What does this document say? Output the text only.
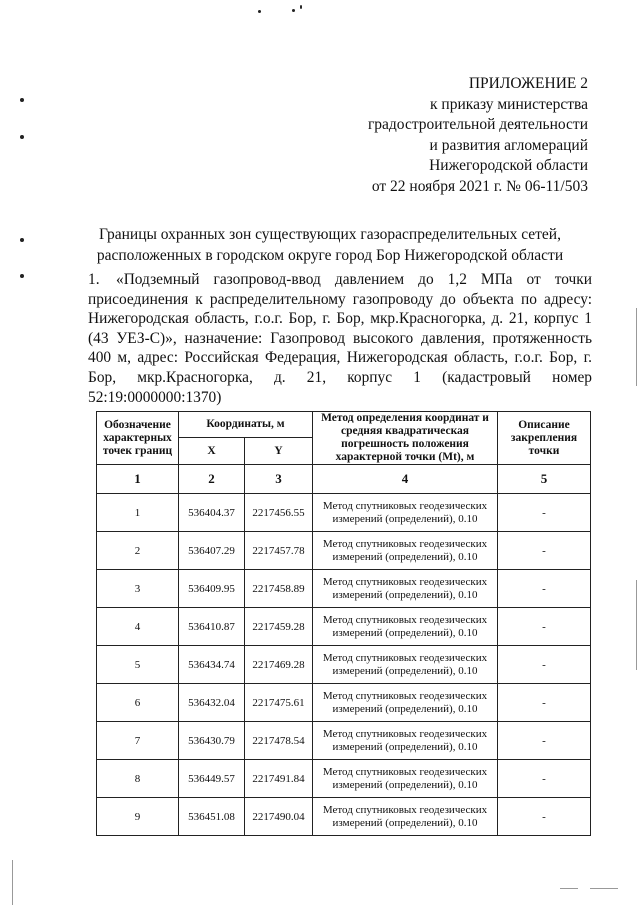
ПРИЛОЖЕНИЕ 2
к приказу министерства
градостроительной деятельности
и развития агломераций
Нижегородской области
от 22 ноября 2021 г. № 06-11/503
Границы охранных зон существующих газораспределительных сетей,
расположенных в городском округе город Бор Нижегородской области
1. «Подземный газопровод-ввод давлением до 1,2 МПа от точки присоединения к распределительному газопроводу до объекта по адресу: Нижегородская область, г.о.г. Бор, г. Бор, мкр.Красногорка, д. 21, корпус 1 (43 УЕЗ-С)», назначение: Газопровод высокого давления, протяженность 400 м, адрес: Российская Федерация, Нижегородская область, г.о.г. Бор, г. Бор, мкр.Красногорка, д. 21, корпус 1 (кадастровый номер 52:19:0000000:1370)
Обозначение характерных точек границ	Координаты, м		Метод определения координат и средняя квадратическая погрешность положения характерной точки (Mt), м	Описание закрепления точки
	X	Y		
1	2	3	4	5
1	536404.37	2217456.55	Метод спутниковых геодезических измерений (определений), 0.10	-
2	536407.29	2217457.78	Метод спутниковых геодезических измерений (определений), 0.10	-
3	536409.95	2217458.89	Метод спутниковых геодезических измерений (определений), 0.10	-
4	536410.87	2217459.28	Метод спутниковых геодезических измерений (определений), 0.10	-
5	536434.74	2217469.28	Метод спутниковых геодезических измерений (определений), 0.10	-
6	536432.04	2217475.61	Метод спутниковых геодезических измерений (определений), 0.10	-
7	536430.79	2217478.54	Метод спутниковых геодезических измерений (определений), 0.10	-
8	536449.57	2217491.84	Метод спутниковых геодезических измерений (определений), 0.10	-
9	536451.08	2217490.04	Метод спутниковых геодезических измерений (определений), 0.10	-
